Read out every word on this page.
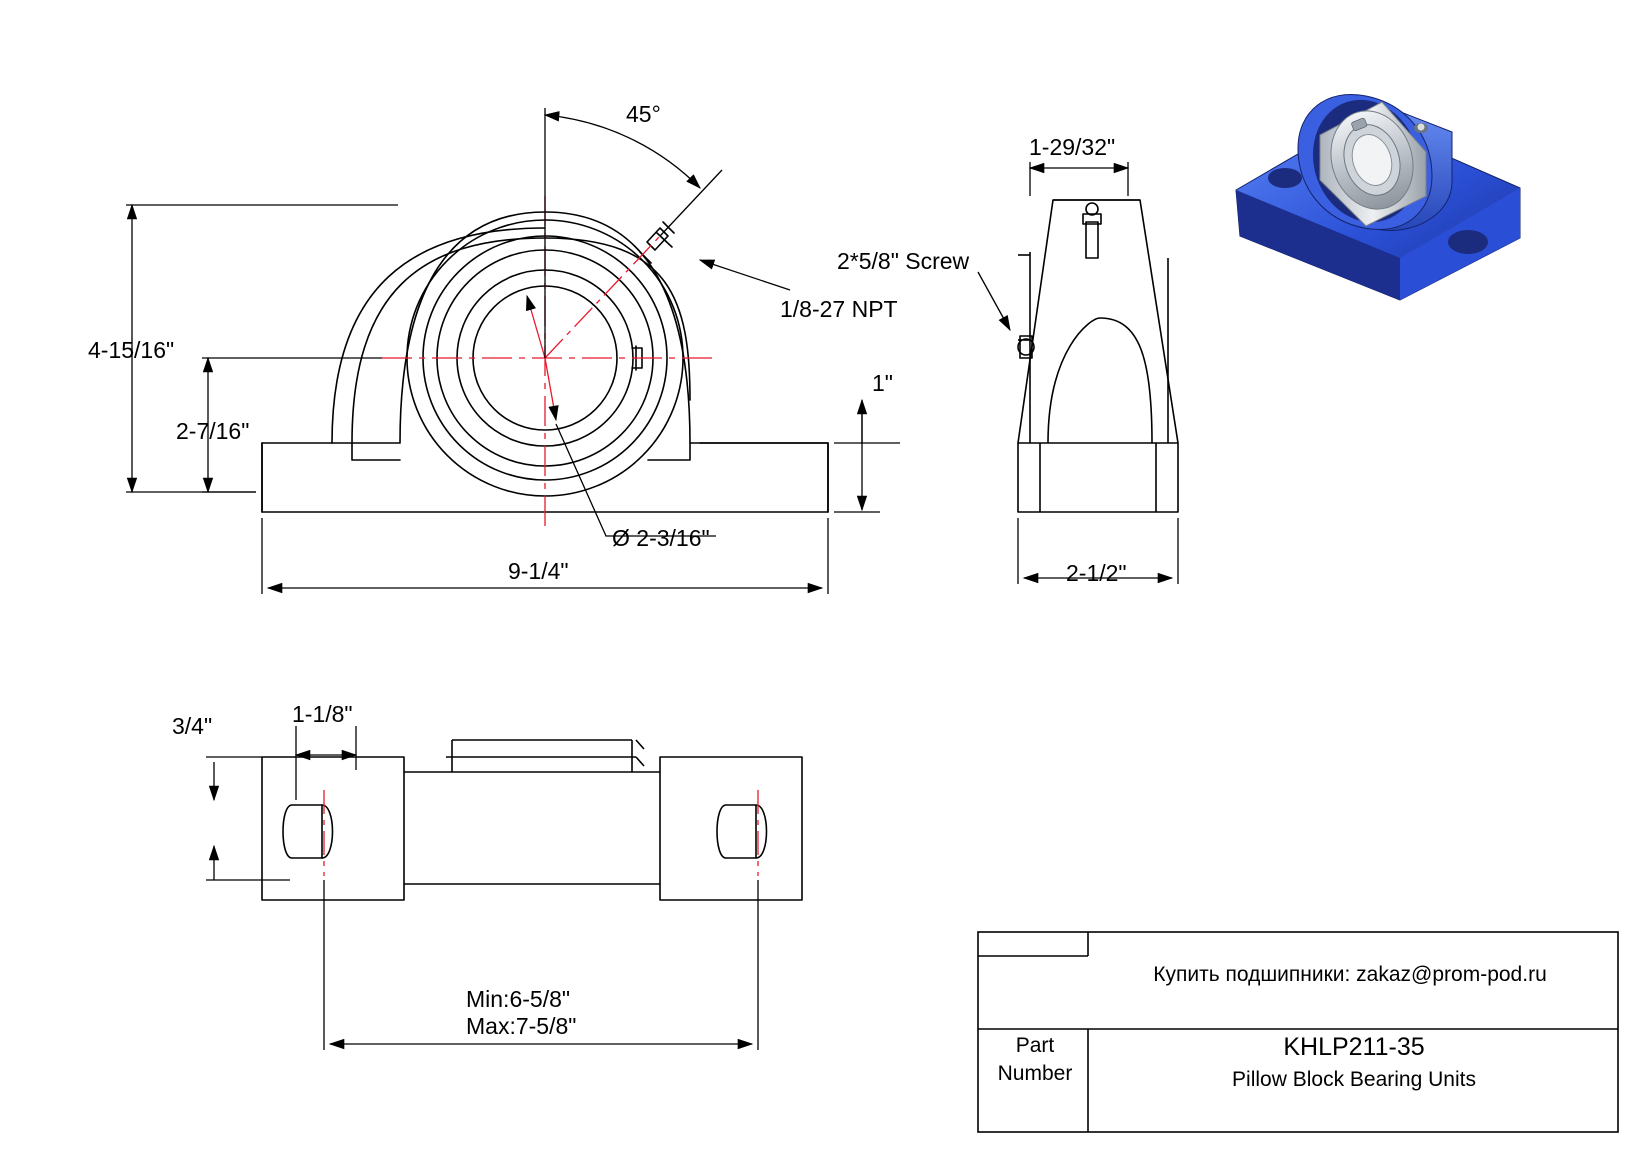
4-15/16"
2-7/16"
9-1/4"
Ø 2-3/16"
1"
45°
1/8-27 NPT
1-29/32"
2-1/2"
2*5/8" Screw
3/4"	1-1/8"
Min:6-5/8"
Max:7-5/8"
Купить подшипники: zakaz@prom-pod.ru
Part
Number
KHLP211-35
Pillow Block Bearing Units
